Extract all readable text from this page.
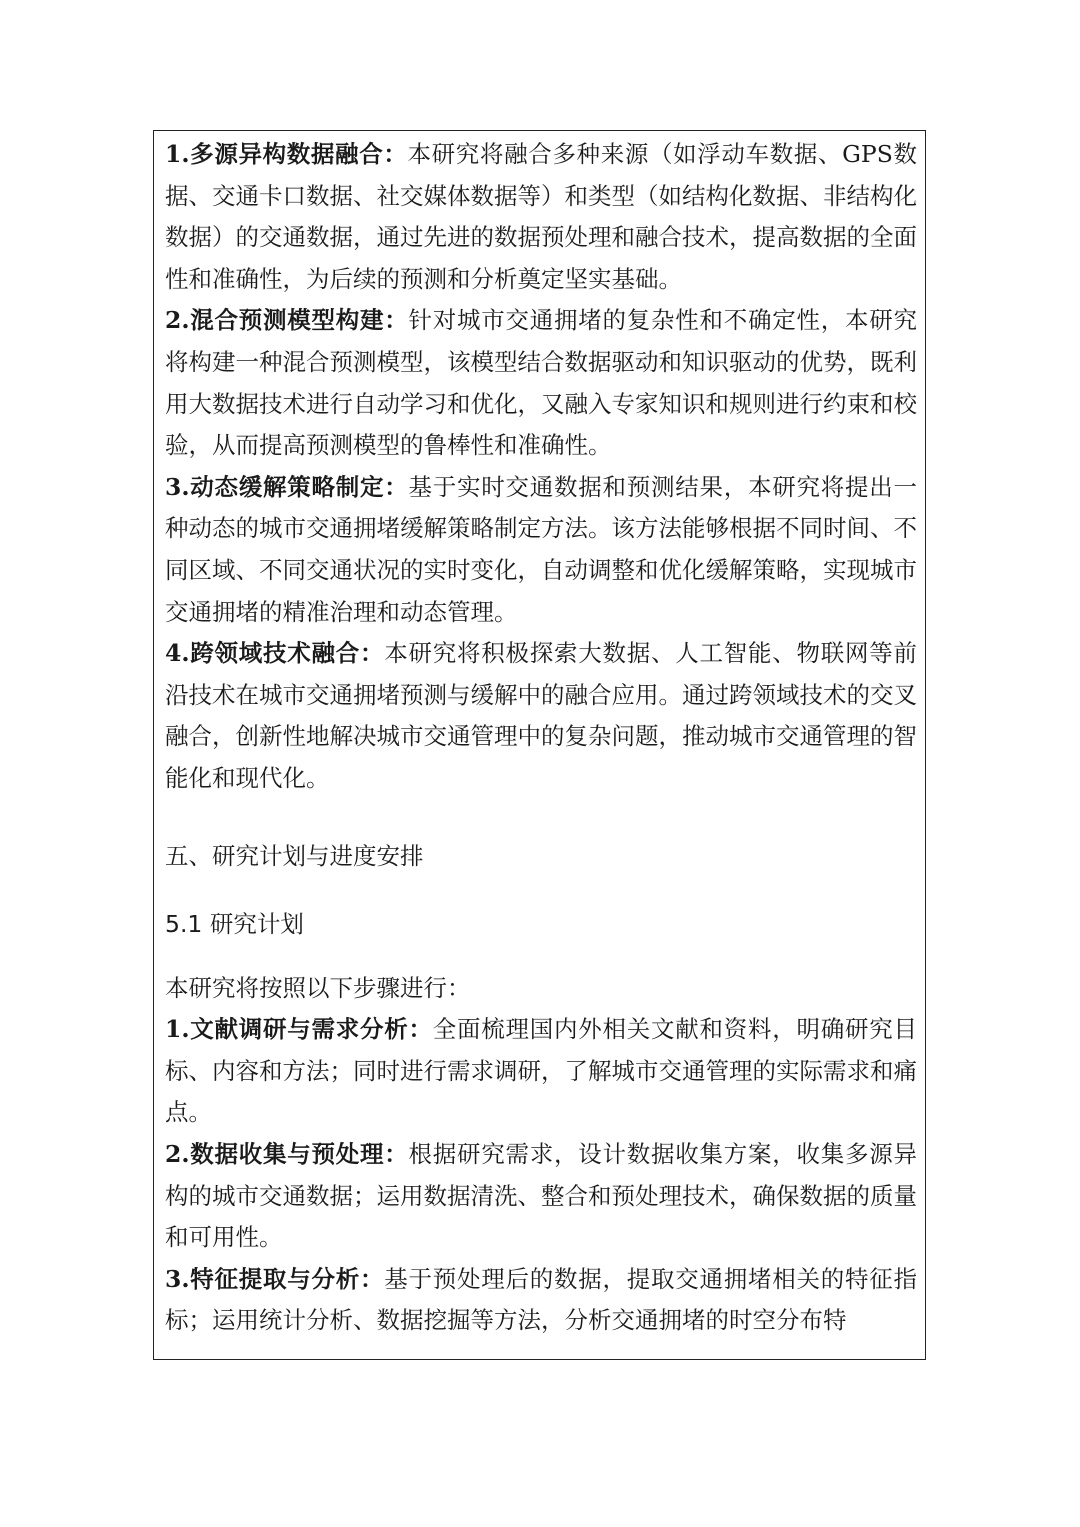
1.多源异构数据融合：本研究将融合多种来源（如浮动车数据、GPS数据、交通卡口数据、社交媒体数据等）和类型（如结构化数据、非结构化数据）的交通数据，通过先进的数据预处理和融合技术，提高数据的全面性和准确性，为后续的预测和分析奠定坚实基础。

2.混合预测模型构建：针对城市交通拥堵的复杂性和不确定性，本研究将构建一种混合预测模型，该模型结合数据驱动和知识驱动的优势，既利用大数据技术进行自动学习和优化，又融入专家知识和规则进行约束和校验，从而提高预测模型的鲁棒性和准确性。

3.动态缓解策略制定：基于实时交通数据和预测结果，本研究将提出一种动态的城市交通拥堵缓解策略制定方法。该方法能够根据不同时间、不同区域、不同交通状况的实时变化，自动调整和优化缓解策略，实现城市交通拥堵的精准治理和动态管理。

4.跨领域技术融合：本研究将积极探索大数据、人工智能、物联网等前沿技术在城市交通拥堵预测与缓解中的融合应用。通过跨领域技术的交叉融合，创新性地解决城市交通管理中的复杂问题，推动城市交通管理的智能化和现代化。

五、研究计划与进度安排

5.1 研究计划

本研究将按照以下步骤进行：

1.文献调研与需求分析：全面梳理国内外相关文献和资料，明确研究目标、内容和方法；同时进行需求调研，了解城市交通管理的实际需求和痛点。

2.数据收集与预处理：根据研究需求，设计数据收集方案，收集多源异构的城市交通数据；运用数据清洗、整合和预处理技术，确保数据的质量和可用性。

3.特征提取与分析：基于预处理后的数据，提取交通拥堵相关的特征指标；运用统计分析、数据挖掘等方法，分析交通拥堵的时空分布特
